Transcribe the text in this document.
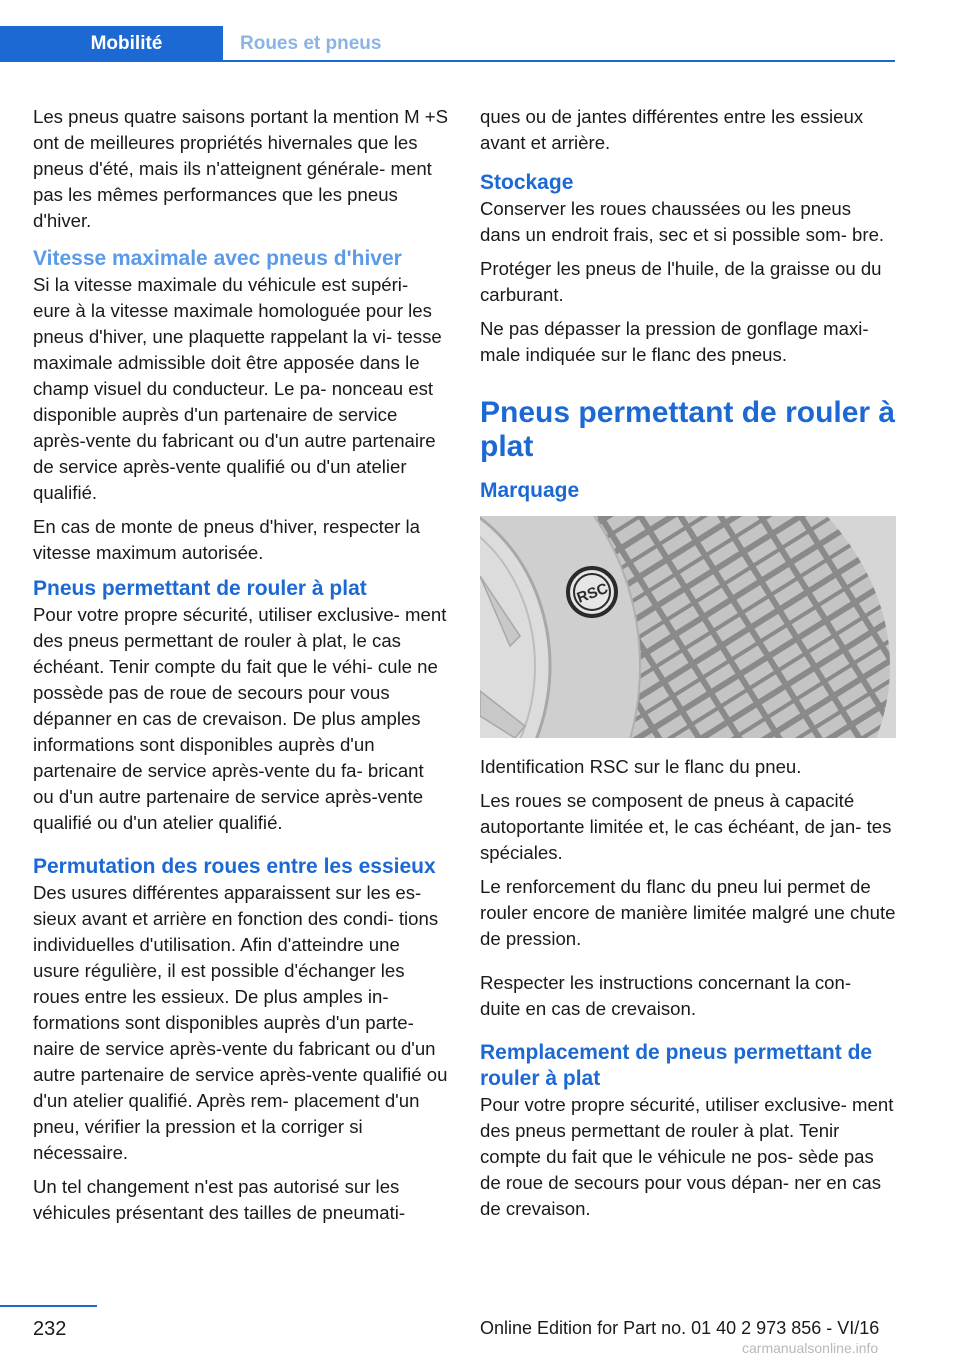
Mobilité	Roues et pneus

Les pneus quatre saisons portant la mention M +S ont de meilleures propriétés hivernales que les pneus d'été, mais ils n'atteignent générale‐ ment pas les mêmes performances que les pneus d'hiver.

Vitesse maximale avec pneus d'hiver

Si la vitesse maximale du véhicule est supéri‐ eure à la vitesse maximale homologuée pour les pneus d'hiver, une plaquette rappelant la vi‐ tesse maximale admissible doit être apposée dans le champ visuel du conducteur. Le pa‐ nonceau est disponible auprès d'un partenaire de service après-vente du fabricant ou d'un autre partenaire de service après-vente qualifié ou d'un atelier qualifié.

En cas de monte de pneus d'hiver, respecter la vitesse maximum autorisée.

Pneus permettant de rouler à plat

Pour votre propre sécurité, utiliser exclusive‐ ment des pneus permettant de rouler à plat, le cas échéant. Tenir compte du fait que le véhi‐ cule ne possède pas de roue de secours pour vous dépanner en cas de crevaison. De plus amples informations sont disponibles auprès d'un partenaire de service après-vente du fa‐ bricant ou d'un autre partenaire de service après-vente qualifié ou d'un atelier qualifié.

Permutation des roues entre les essieux

Des usures différentes apparaissent sur les es‐ sieux avant et arrière en fonction des condi‐ tions individuelles d'utilisation. Afin d'atteindre une usure régulière, il est possible d'échanger les roues entre les essieux. De plus amples in‐ formations sont disponibles auprès d'un parte‐ naire de service après-vente du fabricant ou d'un autre partenaire de service après-vente qualifié ou d'un atelier qualifié. Après rem‐ placement d'un pneu, vérifier la pression et la corriger si nécessaire.

Un tel changement n'est pas autorisé sur les véhicules présentant des tailles de pneumati‐

ques ou de jantes différentes entre les essieux avant et arrière.

Stockage

Conserver les roues chaussées ou les pneus dans un endroit frais, sec et si possible som‐ bre.

Protéger les pneus de l'huile, de la graisse ou du carburant.

Ne pas dépasser la pression de gonflage maxi‐ male indiquée sur le flanc des pneus.

Pneus permettant de rouler à plat
Marquage
RSC

Identification RSC sur le flanc du pneu.

Les roues se composent de pneus à capacité autoportante limitée et, le cas échéant, de jan‐ tes spéciales.

Le renforcement du flanc du pneu lui permet de rouler encore de manière limitée malgré une chute de pression.

Respecter les instructions concernant la con‐ duite en cas de crevaison.

Remplacement de pneus permettant de rouler à plat

Pour votre propre sécurité, utiliser exclusive‐ ment des pneus permettant de rouler à plat. Tenir compte du fait que le véhicule ne pos‐ sède pas de roue de secours pour vous dépan‐ ner en cas de crevaison.

232	Online Edition for Part no. 01 40 2 973 856 - VI/16
carmanualsonline.info
